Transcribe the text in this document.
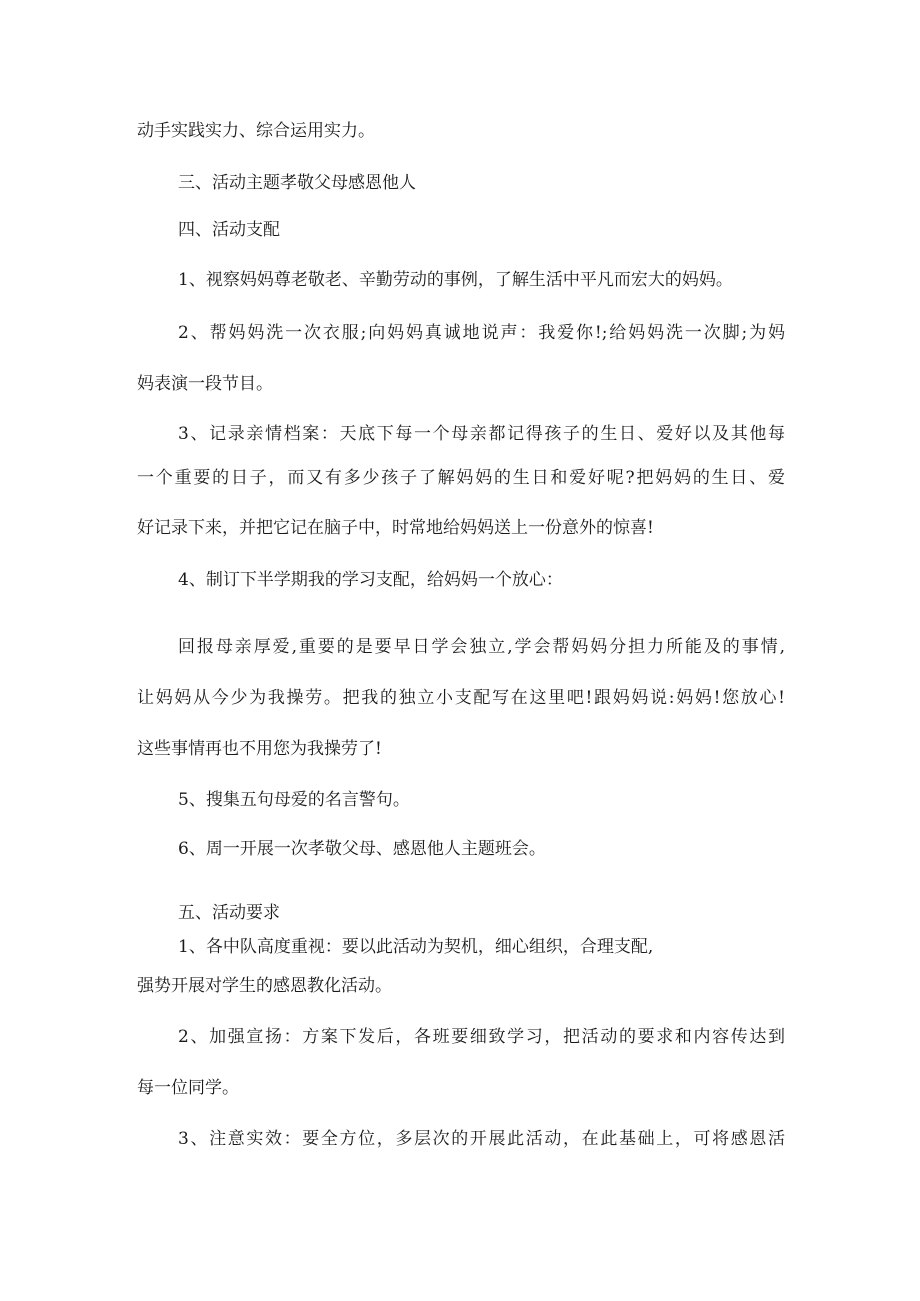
动手实践实力、综合运用实力。
三、活动主题孝敬父母感恩他人
四、活动支配
1、视察妈妈尊老敬老、辛勤劳动的事例，了解生活中平凡而宏大的妈妈。
2、帮妈妈洗一次衣服;向妈妈真诚地说声：我爱你!;给妈妈洗一次脚;为妈
妈表演一段节目。
3、记录亲情档案：天底下每一个母亲都记得孩子的生日、爱好以及其他每
一个重要的日子，而又有多少孩子了解妈妈的生日和爱好呢?把妈妈的生日、爱
好记录下来，并把它记在脑子中，时常地给妈妈送上一份意外的惊喜!
4、制订下半学期我的学习支配，给妈妈一个放心：
回报母亲厚爱,重要的是要早日学会独立,学会帮妈妈分担力所能及的事情,
让妈妈从今少为我操劳。把我的独立小支配写在这里吧!跟妈妈说:妈妈!您放心!
这些事情再也不用您为我操劳了!
5、搜集五句母爱的名言警句。
6、周一开展一次孝敬父母、感恩他人主题班会。
五、活动要求
1、各中队高度重视：要以此活动为契机，细心组织，合理支配,
强势开展对学生的感恩教化活动。
2、加强宣扬：方案下发后，各班要细致学习，把活动的要求和内容传达到
每一位同学。
3、注意实效：要全方位，多层次的开展此活动，在此基础上，可将感恩活
